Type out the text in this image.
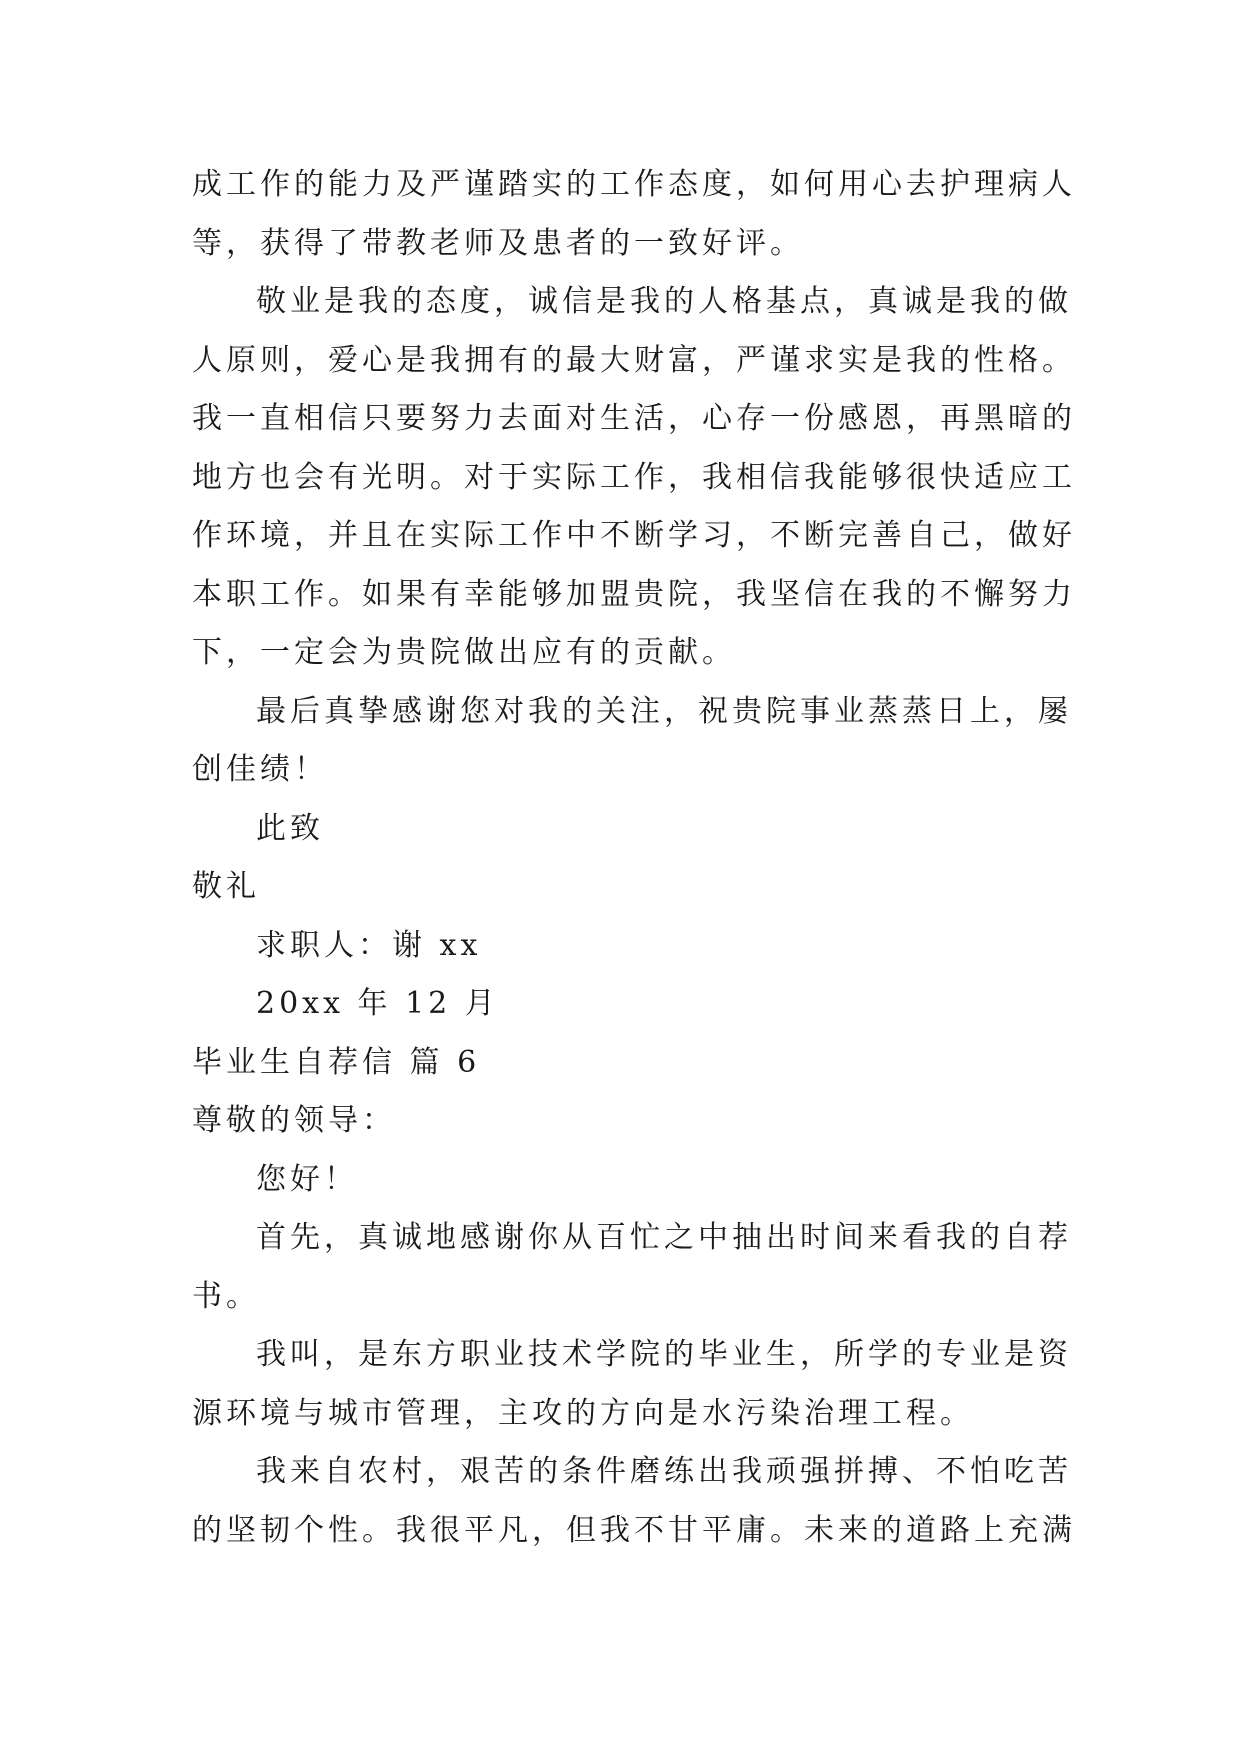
成工作的能力及严谨踏实的工作态度，如何用心去护理病人
等，获得了带教老师及患者的一致好评。
敬业是我的态度，诚信是我的人格基点，真诚是我的做
人原则，爱心是我拥有的最大财富，严谨求实是我的性格。
我一直相信只要努力去面对生活，心存一份感恩，再黑暗的
地方也会有光明。对于实际工作，我相信我能够很快适应工
作环境，并且在实际工作中不断学习，不断完善自己，做好
本职工作。如果有幸能够加盟贵院，我坚信在我的不懈努力
下，一定会为贵院做出应有的贡献。
最后真挚感谢您对我的关注，祝贵院事业蒸蒸日上，屡
创佳绩！
此致
敬礼
求职人：谢 xx
20xx 年 12 月
毕业生自荐信 篇 6
尊敬的领导：
您好！
首先，真诚地感谢你从百忙之中抽出时间来看我的自荐
书。
我叫，是东方职业技术学院的毕业生，所学的专业是资
源环境与城市管理，主攻的方向是水污染治理工程。
我来自农村，艰苦的条件磨练出我顽强拼搏、不怕吃苦
的坚韧个性。我很平凡，但我不甘平庸。未来的道路上充满
